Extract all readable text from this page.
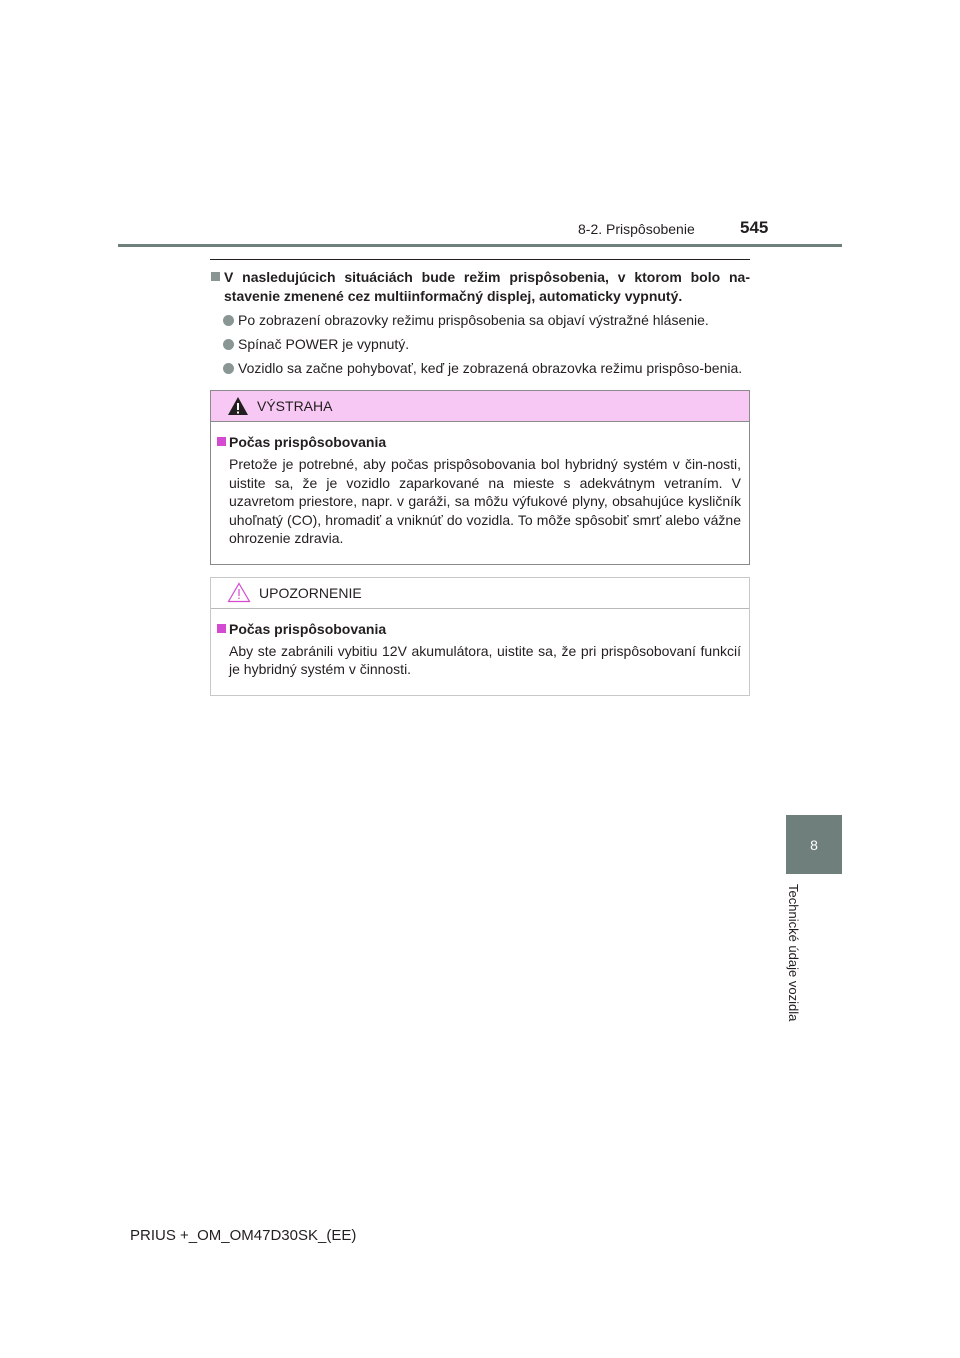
8-2. Prispôsobenie	545
V nasledujúcich situáciách bude režim prispôsobenia, v ktorom bolo na-stavenie zmenené cez multiinformačný displej, automaticky vypnutý.
Po zobrazení obrazovky režimu prispôsobenia sa objaví výstražné hlásenie.
Spínač POWER je vypnutý.
Vozidlo sa začne pohybovať, keď je zobrazená obrazovka režimu prispôso-benia.
VÝSTRAHA
Počas prispôsobovania
Pretože je potrebné, aby počas prispôsobovania bol hybridný systém v čin-nosti, uistite sa, že je vozidlo zaparkované na mieste s adekvátnym vetraním. V uzavretom priestore, napr. v garáži, sa môžu výfukové plyny, obsahujúce kysličník uhoľnatý (CO), hromadiť a vniknúť do vozidla. To môže spôsobiť smrť alebo vážne ohrozenie zdravia.
UPOZORNENIE
Počas prispôsobovania
Aby ste zabránili vybitiu 12V akumulátora, uistite sa, že pri prispôsobovaní funkcií je hybridný systém v činnosti.
8
Technické údaje vozidla
PRIUS +_OM_OM47D30SK_(EE)
